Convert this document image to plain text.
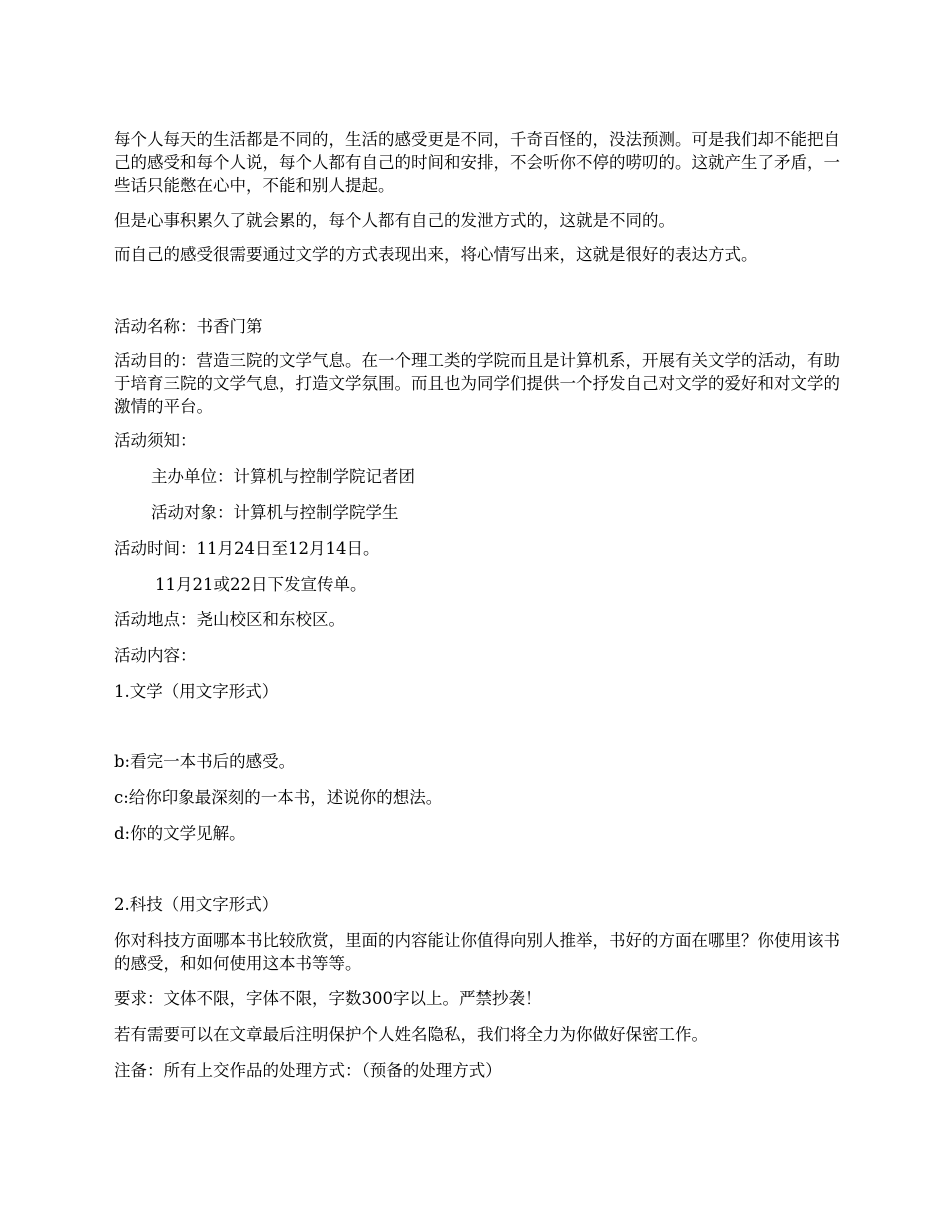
每个人每天的生活都是不同的，生活的感受更是不同，千奇百怪的，没法预测。可是我们却不能把自己的感受和每个人说，每个人都有自己的时间和安排，不会听你不停的唠叨的。这就产生了矛盾，一些话只能憋在心中，不能和别人提起。

但是心事积累久了就会累的，每个人都有自己的发泄方式的，这就是不同的。

而自己的感受很需要通过文学的方式表现出来，将心情写出来，这就是很好的表达方式。

活动名称：书香门第

活动目的：营造三院的文学气息。在一个理工类的学院而且是计算机系，开展有关文学的活动，有助于培育三院的文学气息，打造文学氛围。而且也为同学们提供一个抒发自己对文学的爱好和对文学的激情的平台。

活动须知：

主办单位：计算机与控制学院记者团

活动对象：计算机与控制学院学生

活动时间：11月24日至12月14日。

11月21或22日下发宣传单。

活动地点：尧山校区和东校区。

活动内容：

1.文学（用文字形式）

b:看完一本书后的感受。

c:给你印象最深刻的一本书，述说你的想法。

d:你的文学见解。

2.科技（用文字形式）

你对科技方面哪本书比较欣赏，里面的内容能让你值得向别人推举，书好的方面在哪里？你使用该书的感受，和如何使用这本书等等。

要求：文体不限，字体不限，字数300字以上。严禁抄袭！

若有需要可以在文章最后注明保护个人姓名隐私，我们将全力为你做好保密工作。

注备：所有上交作品的处理方式：（预备的处理方式）
